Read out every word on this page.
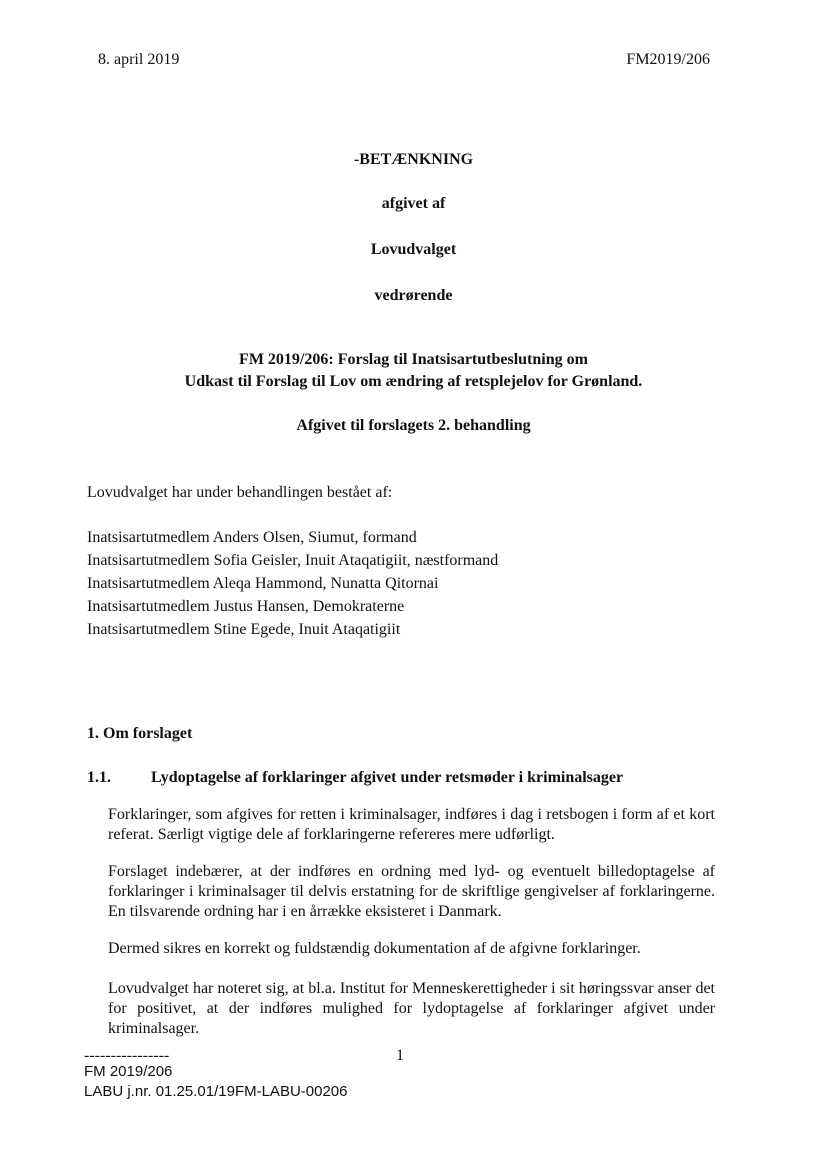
8. april 2019	FM2019/206
-BETÆNKNING
afgivet af
Lovudvalget
vedrørende
FM 2019/206: Forslag til Inatsisartutbeslutning om
Udkast til Forslag til Lov om ændring af retsplejelov for Grønland.
Afgivet til forslagets 2. behandling
Lovudvalget har under behandlingen bestået af:
Inatsisartutmedlem Anders Olsen, Siumut, formand
Inatsisartutmedlem Sofia Geisler, Inuit Ataqatigiit, næstformand
Inatsisartutmedlem Aleqa Hammond, Nunatta Qitornai
Inatsisartutmedlem Justus Hansen, Demokraterne
Inatsisartutmedlem Stine Egede, Inuit Ataqatigiit
1. Om forslaget
1.1.	Lydoptagelse af forklaringer afgivet under retsmøder i kriminalsager
Forklaringer, som afgives for retten i kriminalsager, indføres i dag i retsbogen i form af et kort referat. Særligt vigtige dele af forklaringerne refereres mere udførligt.
Forslaget indebærer, at der indføres en ordning med lyd- og eventuelt billedoptagelse af forklaringer i kriminalsager til delvis erstatning for de skriftlige gengivelser af forklaringerne. En tilsvarende ordning har i en årrække eksisteret i Danmark.
Dermed sikres en korrekt og fuldstændig dokumentation af de afgivne forklaringer.
Lovudvalget har noteret sig, at bl.a. Institut for Menneskerettigheder i sit høringssvar anser det for positivet, at der indføres mulighed for lydoptagelse af forklaringer afgivet under kriminalsager.
----------------	1
FM 2019/206
LABU j.nr. 01.25.01/19FM-LABU-00206
